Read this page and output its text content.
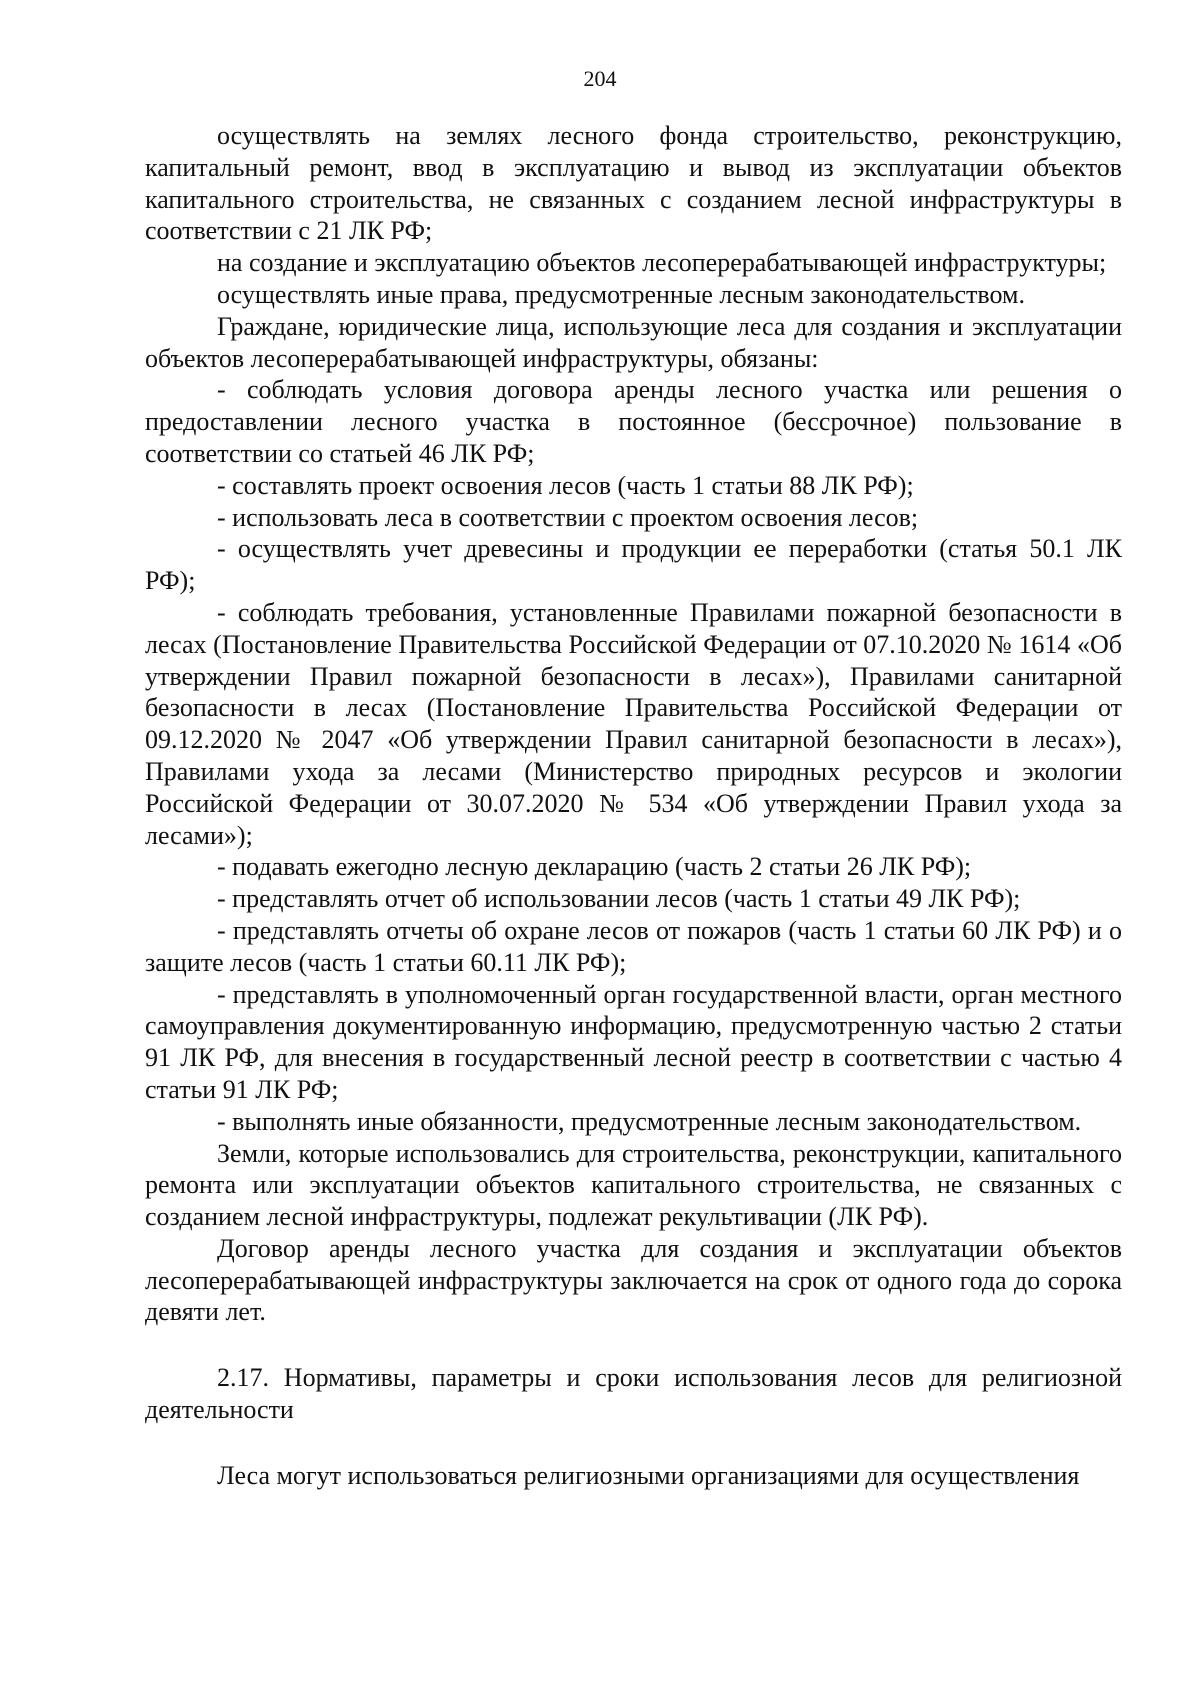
204

осуществлять на землях лесного фонда строительство, реконструкцию, капитальный ремонт, ввод в эксплуатацию и вывод из эксплуатации объектов капитального строительства, не связанных с созданием лесной инфраструктуры в соответствии с 21 ЛК РФ;

на создание и эксплуатацию объектов лесоперерабатывающей инфраструктуры;

осуществлять иные права, предусмотренные лесным законодательством.

Граждане, юридические лица, использующие леса для создания и эксплуатации объектов лесоперерабатывающей инфраструктуры, обязаны:

- соблюдать условия договора аренды лесного участка или решения о предоставлении лесного участка в постоянное (бессрочное) пользование в соответствии со статьей 46 ЛК РФ;

- составлять проект освоения лесов (часть 1 статьи 88 ЛК РФ);

- использовать леса в соответствии с проектом освоения лесов;

- осуществлять учет древесины и продукции ее переработки (статья 50.1 ЛК РФ);

- соблюдать требования, установленные Правилами пожарной безопасности в лесах (Постановление Правительства Российской Федерации от 07.10.2020 № 1614 «Об утверждении Правил пожарной безопасности в лесах»), Правилами санитарной безопасности в лесах (Постановление Правительства Российской Федерации от 09.12.2020 № 2047 «Об утверждении Правил санитарной безопасности в лесах»), Правилами ухода за лесами (Министерство природных ресурсов и экологии Российской Федерации от 30.07.2020 № 534 «Об утверждении Правил ухода за лесами»);

- подавать ежегодно лесную декларацию (часть 2 статьи 26 ЛК РФ);

- представлять отчет об использовании лесов (часть 1 статьи 49 ЛК РФ);

- представлять отчеты об охране лесов от пожаров (часть 1 статьи 60 ЛК РФ) и о защите лесов (часть 1 статьи 60.11 ЛК РФ);

- представлять в уполномоченный орган государственной власти, орган местного самоуправления документированную информацию, предусмотренную частью 2 статьи 91 ЛК РФ, для внесения в государственный лесной реестр в соответствии с частью 4 статьи 91 ЛК РФ;

- выполнять иные обязанности, предусмотренные лесным законодательством.

Земли, которые использовались для строительства, реконструкции, капитального ремонта или эксплуатации объектов капитального строительства, не связанных с созданием лесной инфраструктуры, подлежат рекультивации (ЛК РФ).

Договор аренды лесного участка для создания и эксплуатации объектов лесоперерабатывающей инфраструктуры заключается на срок от одного года до сорока девяти лет.

2.17. Нормативы, параметры и сроки использования лесов для религиозной деятельности

Леса могут использоваться религиозными организациями для осуществления
